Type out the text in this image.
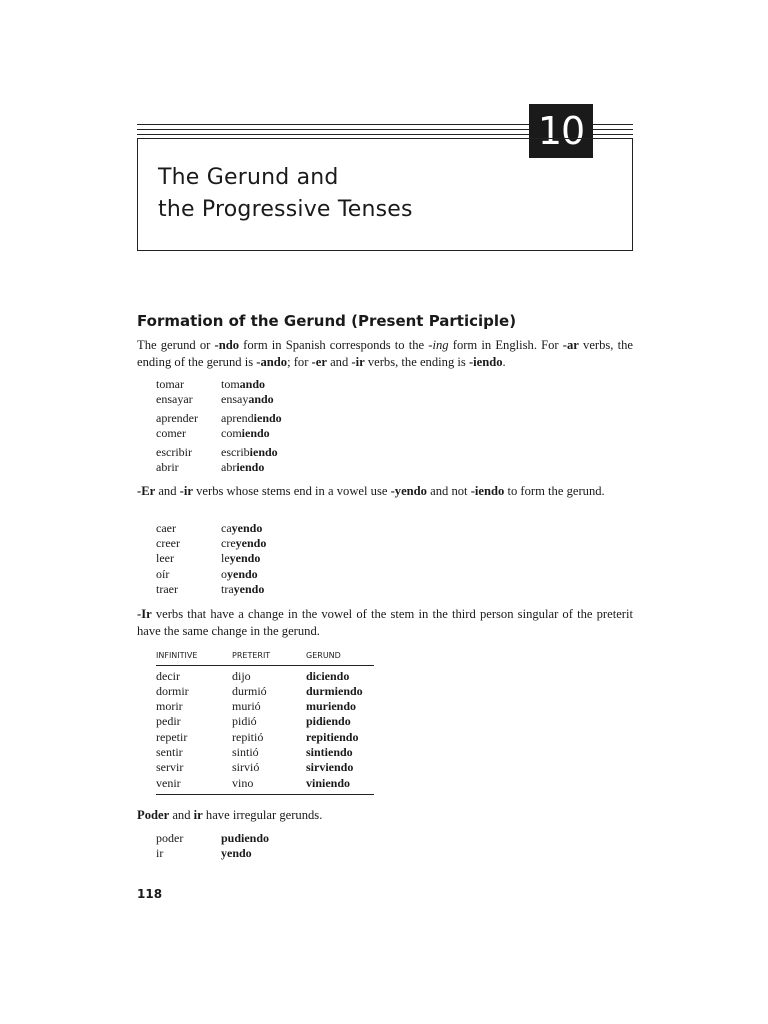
10
The Gerund and
the Progressive Tenses
Formation of the Gerund (Present Participle)

The gerund or -ndo form in Spanish corresponds to the -ing form in English. For -ar verbs, the ending of the gerund is -ando; for -er and -ir verbs, the ending is -iendo.

tomar	tomando
ensayar ensayando
aprender aprendiendo
comer	comiendo
escribir escribiendo
abrir	abriendo

-Er and -ir verbs whose stems end in a vowel use -yendo and not -iendo to form the gerund.

caer	cayendo
creer	creyendo
leer	leyendo
oír	oyendo
traer	trayendo

-Ir verbs that have a change in the vowel of the stem in the third person singular of the preterit have the same change in the gerund.

INFINITIVE	PRETERIT	GERUND
decir	dijo	diciendo
dormir	durmió	durmiendo
morir	murió	muriendo
pedir	pidió	pidiendo
repetir	repitió	repitiendo
sentir	sintió	sintiendo
servir	sirvió	sirviendo
venir	vino	viniendo

Poder and ir have irregular gerunds.

poder	pudiendo
ir	yendo
118
